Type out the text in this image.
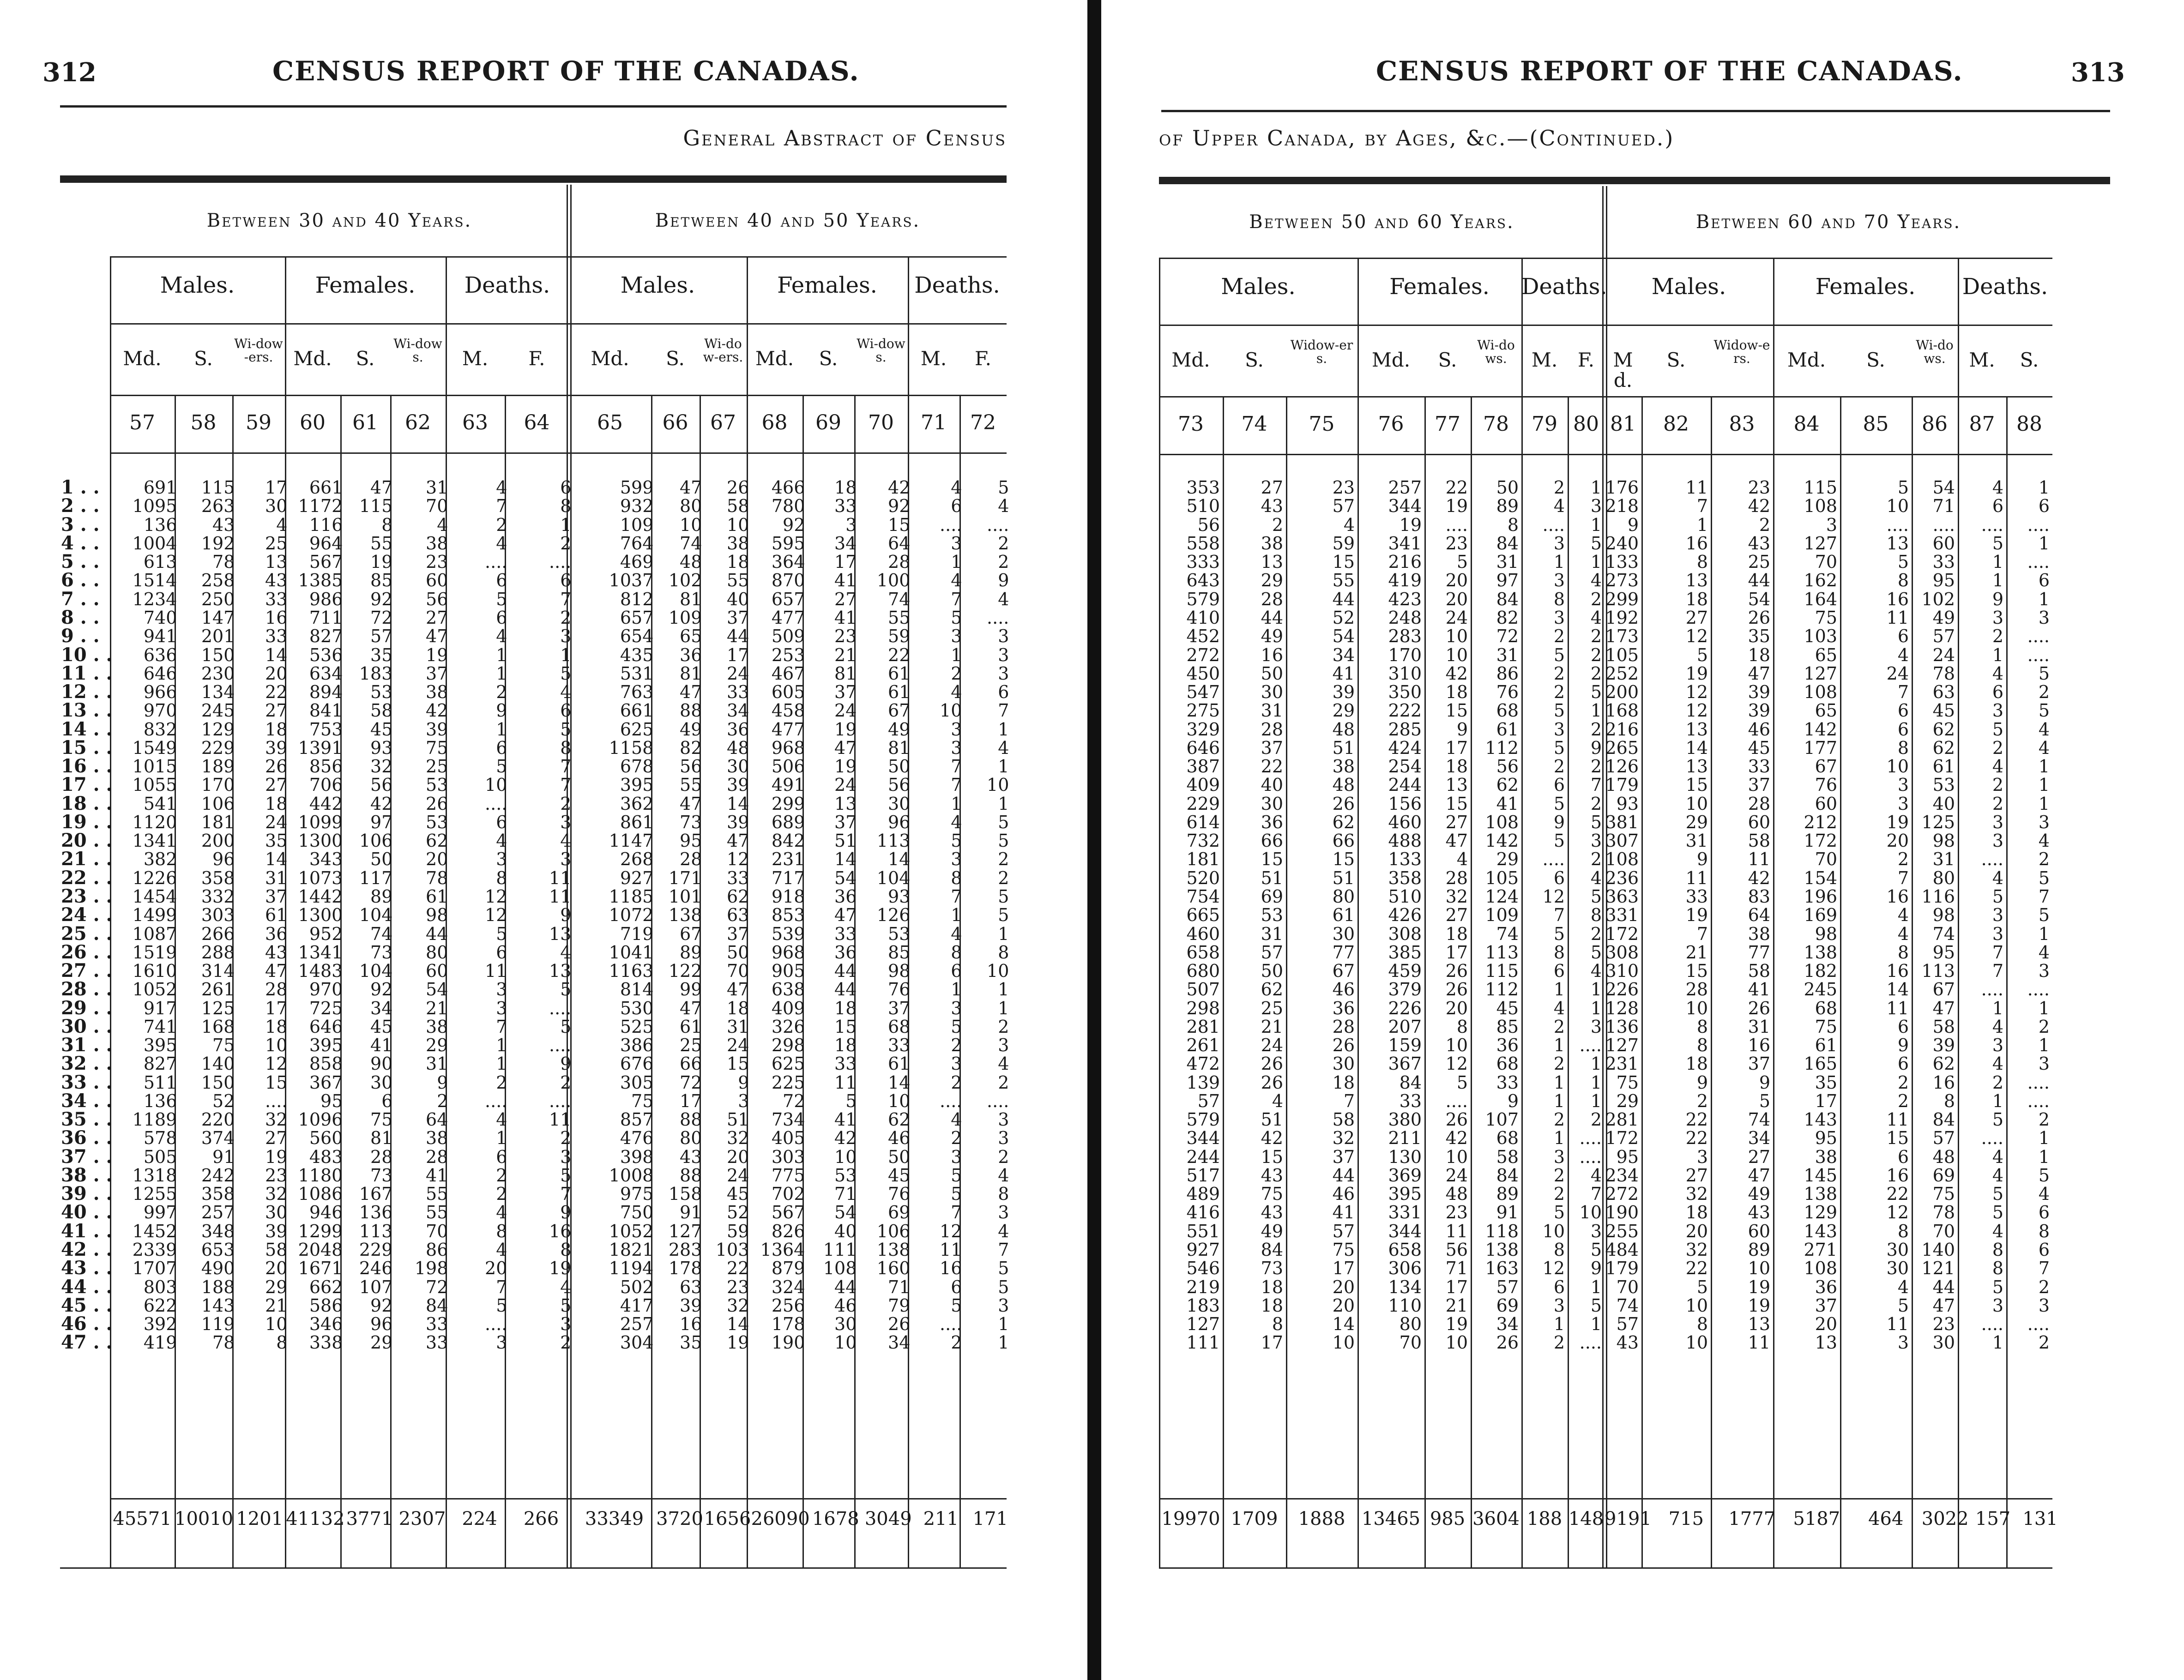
312	CENSUS REPORT OF THE CANADAS.
General Abstract of Census
Between 30 and 40 Years.	Between 40 and 50 Years.
Males.	Females.	Deaths.	Males.	Females.	Deaths.
Md.
57
S.
58
Wi-dow-ers.
59
Md.
60
S.
61
Wi-dows.
62
M.
63
F.
64
Md.
65
S.
66
Wi-dow-ers.
67
Md.
68
S.
69
Wi-dows.
70
M.
71
F.
72
1 . .	691	115	17	661	47	31	4	6	599	47	26	466	18	42	4	5
2 . .	1095	263	30	1172	115	70	7	8	932	80	58	780	33	92	6	4
3 . .	136	43	4	116	8	4	2	1	109	10	10	92	3	15	....	....
4 . .	1004	192	25	964	55	38	4	2	764	74	38	595	34	64	3	2
5 . .	613	78	13	567	19	23	....	....	469	48	18	364	17	28	1	2
6 . .	1514	258	43	1385	85	60	6	6	1037	102	55	870	41	100	4	9
7 . .	1234	250	33	986	92	56	5	7	812	81	40	657	27	74	7	4
8 . .	740	147	16	711	72	27	6	2	657	109	37	477	41	55	5	....
9 . .	941	201	33	827	57	47	4	3	654	65	44	509	23	59	3	3
10 . .	636	150	14	536	35	19	1	1	435	36	17	253	21	22	1	3
11 . .	646	230	20	634	183	37	1	5	531	81	24	467	81	61	2	3
12 . .	966	134	22	894	53	38	2	4	763	47	33	605	37	61	4	6
13 . .	970	245	27	841	58	42	9	6	661	88	34	458	24	67	10	7
14 . .	832	129	18	753	45	39	1	5	625	49	36	477	19	49	3	1
15 . .	1549	229	39	1391	93	75	6	8	1158	82	48	968	47	81	3	4
16 . .	1015	189	26	856	32	25	5	7	678	56	30	506	19	50	7	1
17 . .	1055	170	27	706	56	53	10	7	395	55	39	491	24	56	7	10
18 . .	541	106	18	442	42	26	....	2	362	47	14	299	13	30	1	1
19 . .	1120	181	24	1099	97	53	6	3	861	73	39	689	37	96	4	5
20 . .	1341	200	35	1300	106	62	4	4	1147	95	47	842	51	113	5	5
21 . .	382	96	14	343	50	20	3	3	268	28	12	231	14	14	3	2
22 . .	1226	358	31	1073	117	78	8	11	927	171	33	717	54	104	8	2
23 . .	1454	332	37	1442	89	61	12	11	1185	101	62	918	36	93	7	5
24 . .	1499	303	61	1300	104	98	12	9	1072	138	63	853	47	126	1	5
25 . .	1087	266	36	952	74	44	5	13	719	67	37	539	33	53	4	1
26 . .	1519	288	43	1341	73	80	6	4	1041	89	50	968	36	85	8	8
27 . .	1610	314	47	1483	104	60	11	13	1163	122	70	905	44	98	6	10
28 . .	1052	261	28	970	92	54	3	5	814	99	47	638	44	76	1	1
29 . .	917	125	17	725	34	21	3	....	530	47	18	409	18	37	3	1
30 . .	741	168	18	646	45	38	7	5	525	61	31	326	15	68	5	2
31 . .	395	75	10	395	41	29	1	....	386	25	24	298	18	33	2	3
32 . .	827	140	12	858	90	31	1	9	676	66	15	625	33	61	3	4
33 . .	511	150	15	367	30	9	2	2	305	72	9	225	11	14	2	2
34 . .	136	52	....	95	6	2	....	....	75	17	3	72	5	10	....	....
35 . .	1189	220	32	1096	75	64	4	11	857	88	51	734	41	62	4	3
36 . .	578	374	27	560	81	38	1	2	476	80	32	405	42	46	2	3
37 . .	505	91	19	483	28	28	6	3	398	43	20	303	10	50	3	2
38 . .	1318	242	23	1180	73	41	2	5	1008	88	24	775	53	45	5	4
39 . .	1255	358	32	1086	167	55	2	7	975	158	45	702	71	76	5	8
40 . .	997	257	30	946	136	55	4	9	750	91	52	567	54	69	7	3
41 . .	1452	348	39	1299	113	70	8	16	1052	127	59	826	40	106	12	4
42 . .	2339	653	58	2048	229	86	4	8	1821	283	103	1364	111	138	11	7
43 . .	1707	490	20	1671	246	198	20	19	1194	178	22	879	108	160	16	5
44 . .	803	188	29	662	107	72	7	4	502	63	23	324	44	71	6	5
45 . .	622	143	21	586	92	84	5	5	417	39	32	256	46	79	5	3
46 . .	392	119	10	346	96	33	....	3	257	16	14	178	30	26	....	1
47 . .	419	78	8	338	29	33	3	2	304	35	19	190	10	34	2	1
45571	10010	1201	41132	3771	2307	224	266	33349	3720	1656	26090	1678	3049	211	171
CENSUS REPORT OF THE CANADAS.	313
of Upper Canada, by Ages, &c.—(Continued.)
Between 50 and 60 Years.	Between 60 and 70 Years.
Males.	Females.	Deaths.	Males.	Females.	Deaths.
Md.
73
S.
74
Widow-ers.
75
Md.
76
S.
77
Wi-dows.
78
M.
79
F.
80
Md.
81
S.
82
Widow-ers.
83
Md.
84
S.
85
Wi-dows.
86
M.
87
S.
88
353	27	23	257	22	50	2	1	176	11	23	115	5	54	4	1
510	43	57	344	19	89	4	3	218	7	42	108	10	71	6	6
56	2	4	19	....	8	....	1	9	1	2	3	....	....	....	....
558	38	59	341	23	84	3	5	240	16	43	127	13	60	5	1
333	13	15	216	5	31	1	1	133	8	25	70	5	33	1	....
643	29	55	419	20	97	3	4	273	13	44	162	8	95	1	6
579	28	44	423	20	84	8	2	299	18	54	164	16	102	9	1
410	44	52	248	24	82	3	4	192	27	26	75	11	49	3	3
452	49	54	283	10	72	2	2	173	12	35	103	6	57	2	....
272	16	34	170	10	31	5	2	105	5	18	65	4	24	1	....
450	50	41	310	42	86	2	2	252	19	47	127	24	78	4	5
547	30	39	350	18	76	2	5	200	12	39	108	7	63	6	2
275	31	29	222	15	68	5	1	168	12	39	65	6	45	3	5
329	28	48	285	9	61	3	2	216	13	46	142	6	62	5	4
646	37	51	424	17	112	5	9	265	14	45	177	8	62	2	4
387	22	38	254	18	56	2	2	126	13	33	67	10	61	4	1
409	40	48	244	13	62	6	7	179	15	37	76	3	53	2	1
229	30	26	156	15	41	5	2	93	10	28	60	3	40	2	1
614	36	62	460	27	108	9	5	381	29	60	212	19	125	3	3
732	66	66	488	47	142	5	3	307	31	58	172	20	98	3	4
181	15	15	133	4	29	....	2	108	9	11	70	2	31	....	2
520	51	51	358	28	105	6	4	236	11	42	154	7	80	4	5
754	69	80	510	32	124	12	5	363	33	83	196	16	116	5	7
665	53	61	426	27	109	7	8	331	19	64	169	4	98	3	5
460	31	30	308	18	74	5	2	172	7	38	98	4	74	3	1
658	57	77	385	17	113	8	5	308	21	77	138	8	95	7	4
680	50	67	459	26	115	6	4	310	15	58	182	16	113	7	3
507	62	46	379	26	112	1	1	226	28	41	245	14	67	....	....
298	25	36	226	20	45	4	1	128	10	26	68	11	47	1	1
281	21	28	207	8	85	2	3	136	8	31	75	6	58	4	2
261	24	26	159	10	36	1	....	127	8	16	61	9	39	3	1
472	26	30	367	12	68	2	1	231	18	37	165	6	62	4	3
139	26	18	84	5	33	1	1	75	9	9	35	2	16	2	....
57	4	7	33	....	9	1	1	29	2	5	17	2	8	1	....
579	51	58	380	26	107	2	2	281	22	74	143	11	84	5	2
344	42	32	211	42	68	1	....	172	22	34	95	15	57	....	1
244	15	37	130	10	58	3	....	95	3	27	38	6	48	4	1
517	43	44	369	24	84	2	4	234	27	47	145	16	69	4	5
489	75	46	395	48	89	2	7	272	32	49	138	22	75	5	4
416	43	41	331	23	91	5	10	190	18	43	129	12	78	5	6
551	49	57	344	11	118	10	3	255	20	60	143	8	70	4	8
927	84	75	658	56	138	8	5	484	32	89	271	30	140	8	6
546	73	17	306	71	163	12	9	179	22	10	108	30	121	8	7
219	18	20	134	17	57	6	1	70	5	19	36	4	44	5	2
183	18	20	110	21	69	3	5	74	10	19	37	5	47	3	3
127	8	14	80	19	34	1	1	57	8	13	20	11	23	....	....
111	17	10	70	10	26	2	....	43	10	11	13	3	30	1	2
19970	1709	1888	13465	985	3604	188	148	9191	715	1777	5187	464	3022	157	131
